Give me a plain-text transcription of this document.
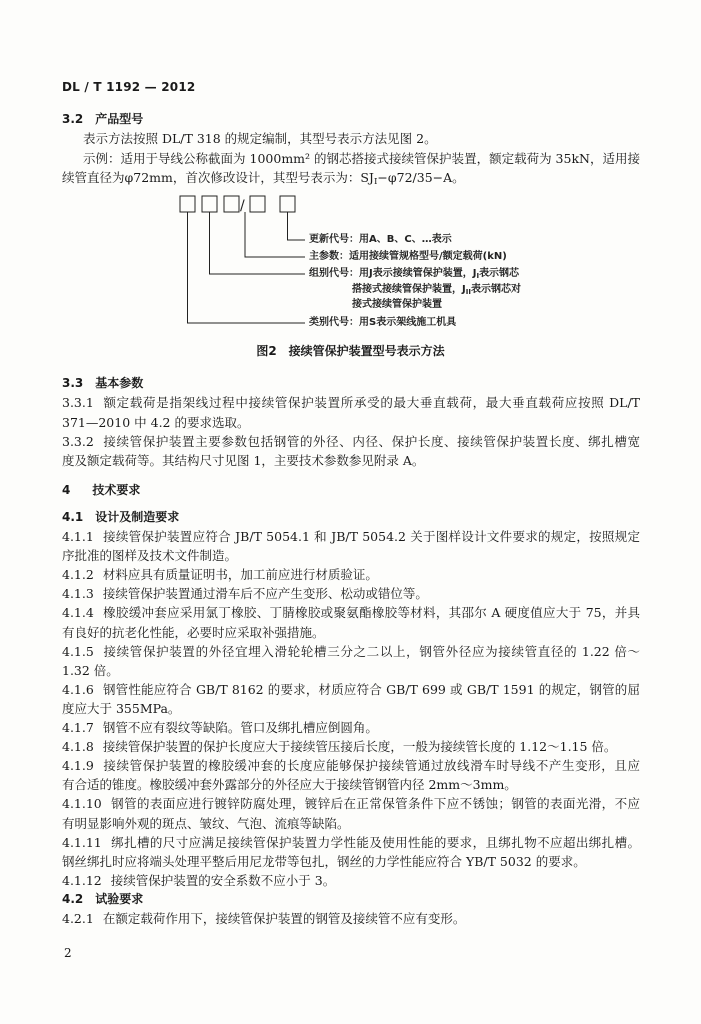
DL / T 1192 — 2012
3.2 产品型号
表示方法按照 DL/T 318 的规定编制，其型号表示方法见图 2。
示例：适用于导线公称截面为 1000mm² 的钢芯搭接式接续管保护装置，额定载荷为 35kN，适用接
续管直径为φ72mm，首次修改设计，其型号表示为：$SJ_I-\varphi 72/35-A$。
/
更新代号：用A、B、C、…表示
主参数：适用接续管规格型号/额定载荷(kN)
组别代号：用J表示接续管保护装置，$J_I$表示钢芯
搭接式接续管保护装置，$J_{II}$表示钢芯对
接式接续管保护装置
类别代号：用S表示架线施工机具
图2　接续管保护装置型号表示方法
3.3 基本参数
3.3.1 额定载荷是指架线过程中接续管保护装置所承受的最大垂直载荷，最大垂直载荷应按照 DL/T
371—2010 中 4.2 的要求选取。
3.3.2 接续管保护装置主要参数包括钢管的外径、内径、保护长度、接续管保护装置长度、绑扎槽宽
度及额定载荷等。其结构尺寸见图 1，主要技术参数参见附录 A。
4 技术要求
4.1 设计及制造要求
4.1.1 接续管保护装置应符合 JB/T 5054.1 和 JB/T 5054.2 关于图样设计文件要求的规定，按照规定
序批准的图样及技术文件制造。
4.1.2 材料应具有质量证明书，加工前应进行材质验证。
4.1.3 接续管保护装置通过滑车后不应产生变形、松动或错位等。
4.1.4 橡胶缓冲套应采用氯丁橡胶、丁腈橡胶或聚氨酯橡胶等材料，其邵尔 A 硬度值应大于 75，并具
有良好的抗老化性能，必要时应采取补强措施。
4.1.5 接续管保护装置的外径宜埋入滑轮轮槽三分之二以上，钢管外径应为接续管直径的 1.22 倍～
1.32 倍。
4.1.6 钢管性能应符合 GB/T 8162 的要求，材质应符合 GB/T 699 或 GB/T 1591 的规定，钢管的屈
度应大于 355MPa。
4.1.7 钢管不应有裂纹等缺陷。管口及绑扎槽应倒圆角。
4.1.8 接续管保护装置的保护长度应大于接续管压接后长度，一般为接续管长度的 1.12～1.15 倍。
4.1.9 接续管保护装置的橡胶缓冲套的长度应能够保护接续管通过放线滑车时导线不产生变形，且应
有合适的锥度。橡胶缓冲套外露部分的外径应大于接续管钢管内径 2mm～3mm。
4.1.10 钢管的表面应进行镀锌防腐处理，镀锌后在正常保管条件下应不锈蚀；钢管的表面光滑，不应
有明显影响外观的斑点、皱纹、气泡、流痕等缺陷。
4.1.11 绑扎槽的尺寸应满足接续管保护装置力学性能及使用性能的要求，且绑扎物不应超出绑扎槽。
钢丝绑扎时应将端头处理平整后用尼龙带等包扎，钢丝的力学性能应符合 YB/T 5032 的要求。
4.1.12 接续管保护装置的安全系数不应小于 3。
4.2 试验要求
4.2.1 在额定载荷作用下，接续管保护装置的钢管及接续管不应有变形。
2
